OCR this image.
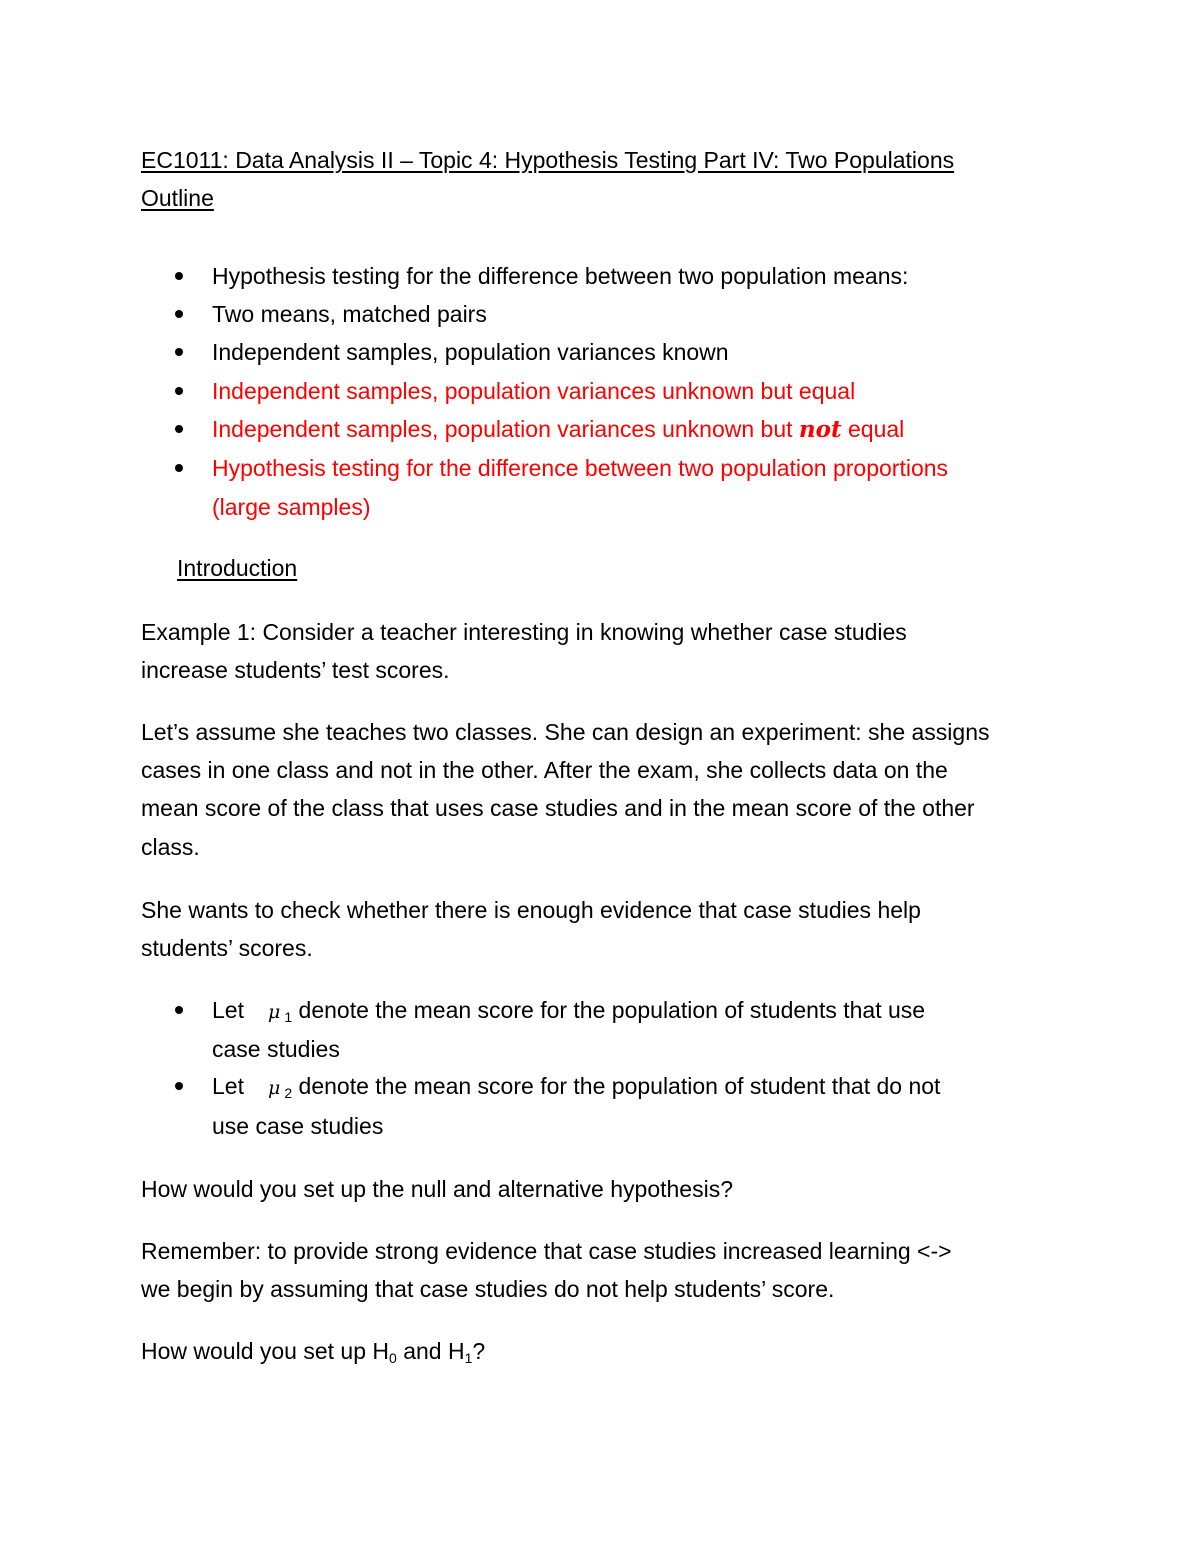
EC1011: Data Analysis II – Topic 4: Hypothesis Testing Part IV: Two Populations
Outline
Hypothesis testing for the difference between two population means:
Two means, matched pairs
Independent samples, population variances known
Independent samples, population variances unknown but equal
Independent samples, population variances unknown but not equal
Hypothesis testing for the difference between two population proportions
(large samples)
Introduction
Example 1: Consider a teacher interesting in knowing whether case studies
increase students’ test scores.
Let’s assume she teaches two classes. She can design an experiment: she assigns
cases in one class and not in the other. After the exam, she collects data on the
mean score of the class that uses case studies and in the mean score of the other
class.
She wants to check whether there is enough evidence that case studies help
students’ scores.
Let μ $_1$ denote the mean score for the population of students that use
case studies
Let μ $_2$ denote the mean score for the population of student that do not
use case studies
How would you set up the null and alternative hypothesis?
Remember: to provide strong evidence that case studies increased learning <->
we begin by assuming that case studies do not help students’ score.
How would you set up $H_0$ and $H_1$?
